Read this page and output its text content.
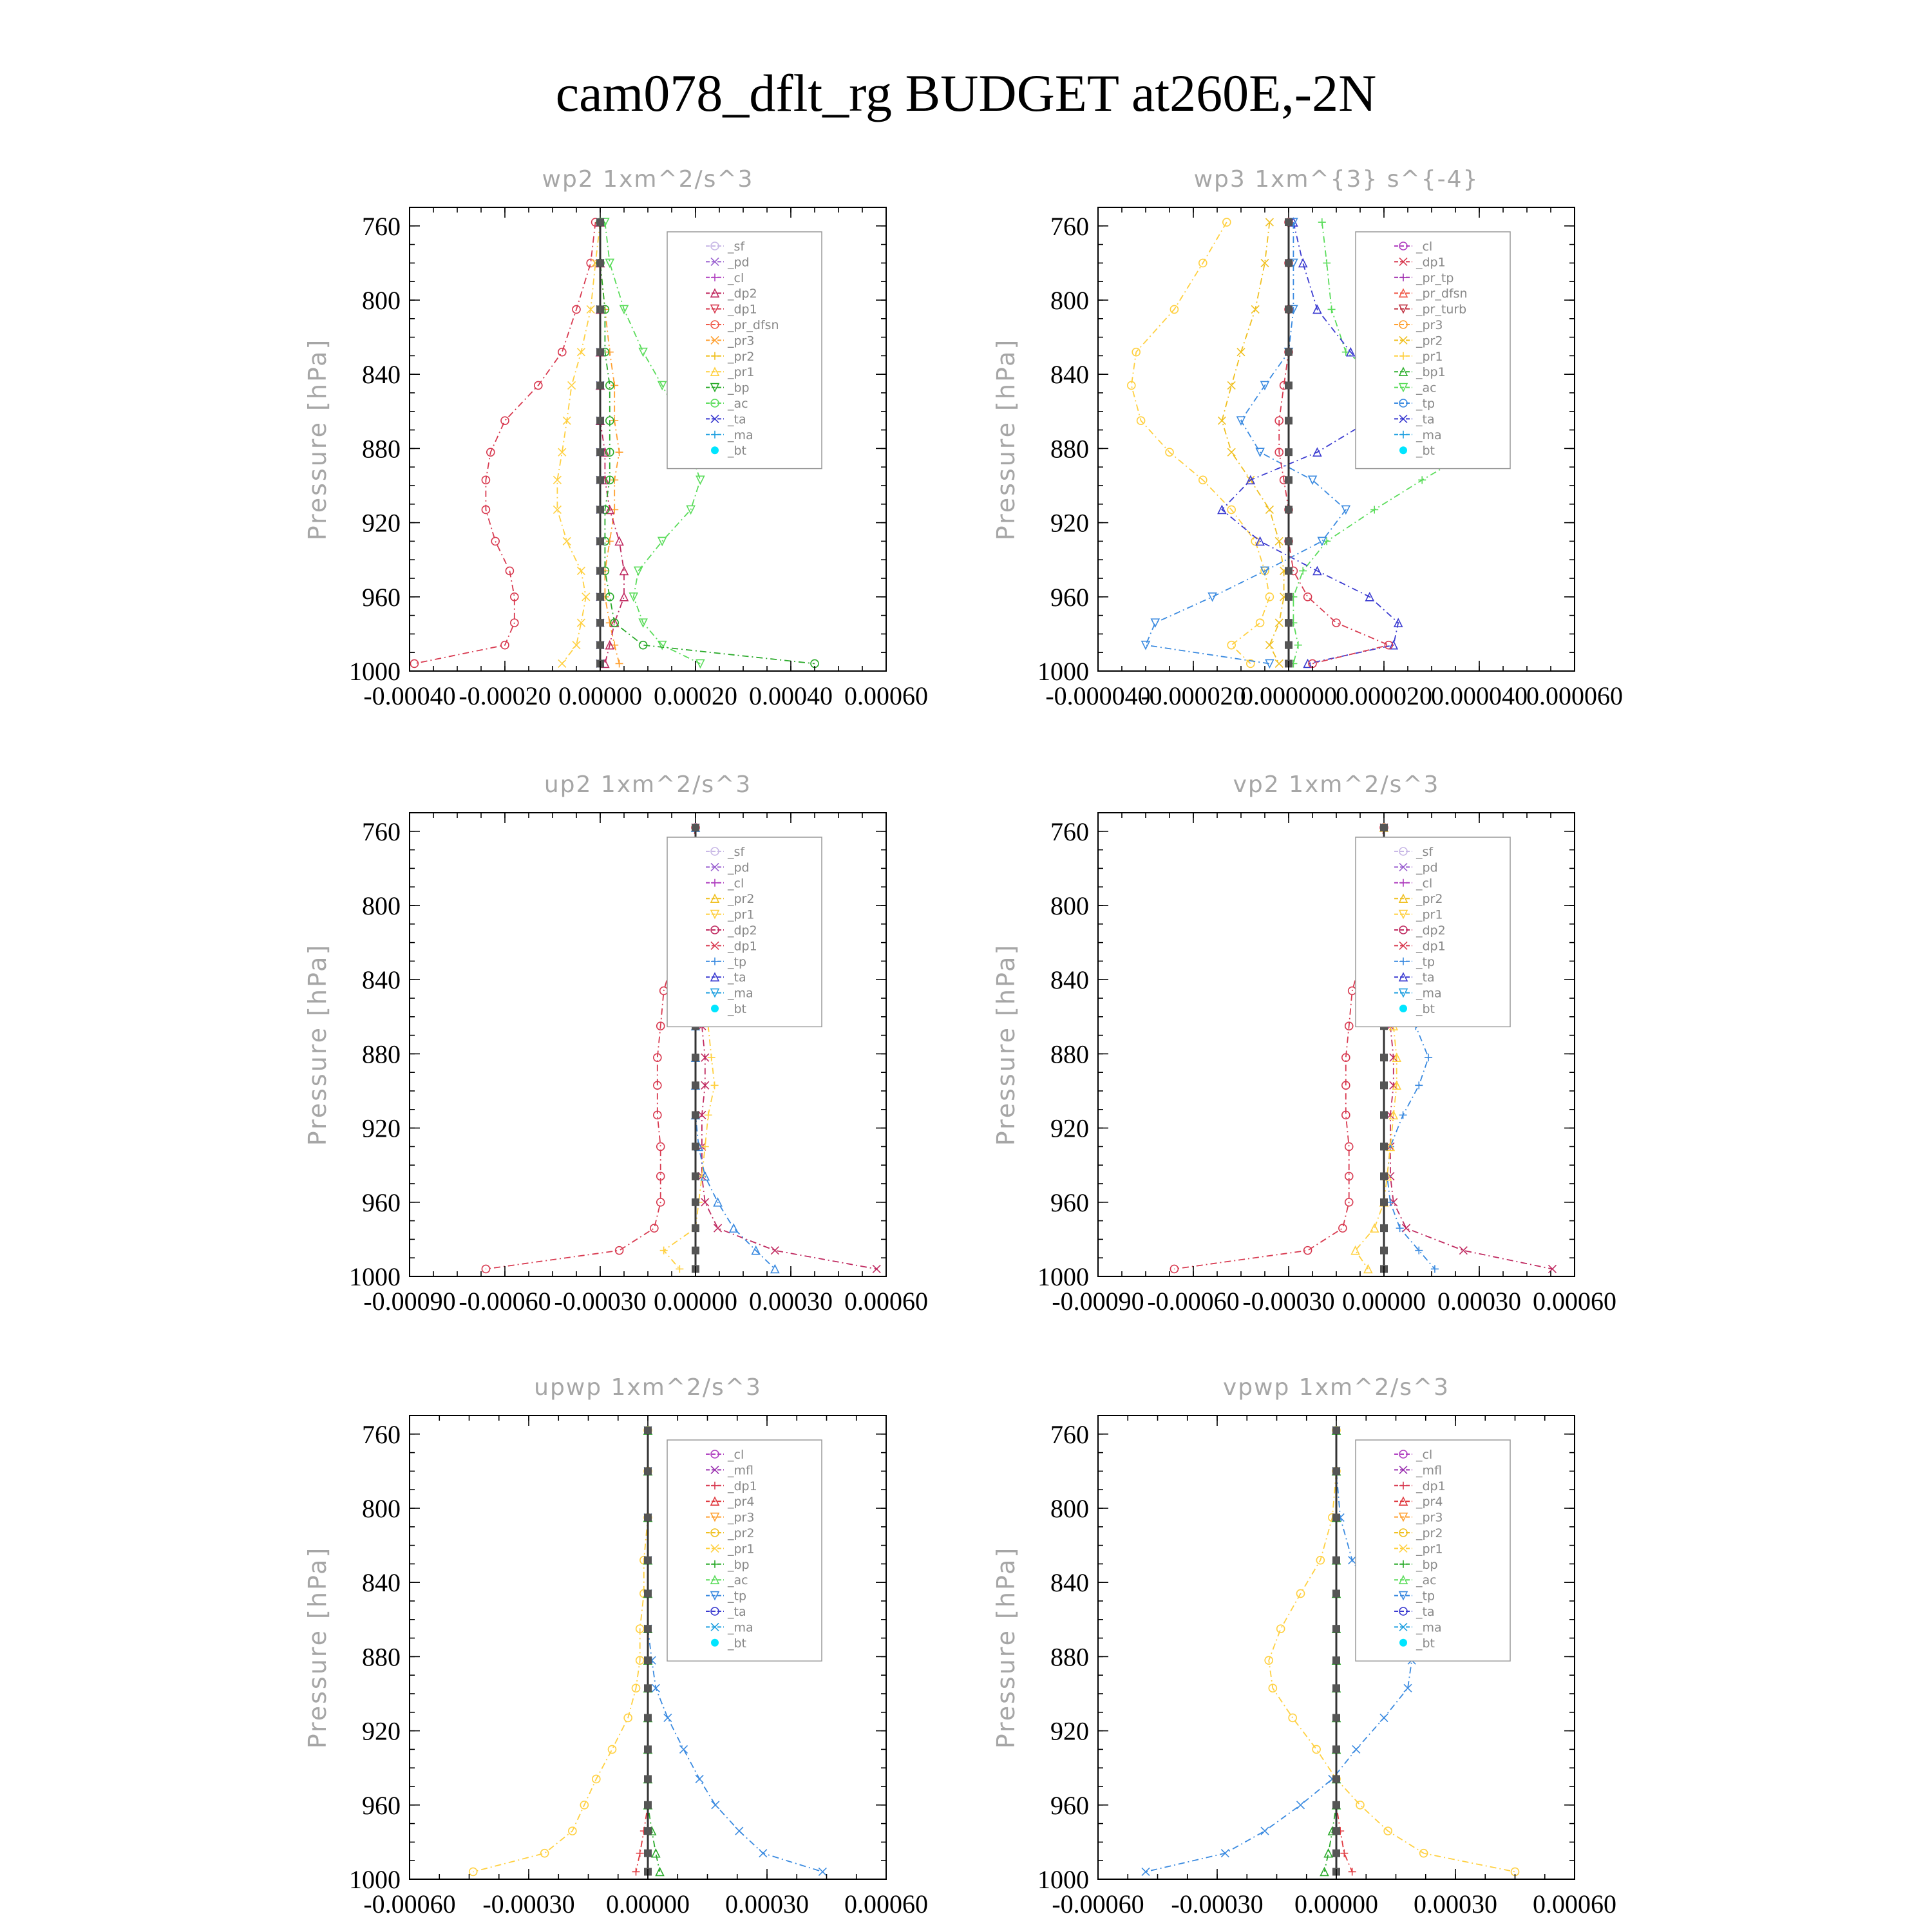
cam078_dflt_rg BUDGET at260E,-2N
wp2 1xm^2/s^3
Pressure [hPa]
760
800
840
880
920
960
1000
-0.00040 -0.00020 0.00000 0.00020 0.00040 0.00060
_sf
_pd
_cl
_dp2
_dp1
_pr_dfsn
_pr3
_pr2
_pr1
_bp
_ac
_ta
_ma
_bt
wp3 1xm^{3} s^{-4}
Pressure [hPa]
760
800
840
880
920
960
1000
-0.000040
-0.000020
0.000000
0.000020
0.000040
0.000060
_cl
_dp1
_pr_tp
_pr_dfsn
_pr_turb
_pr3
_pr2
_pr1
_bp1
_ac
_tp
_ta
_ma
_bt
up2 1xm^2/s^3
Pressure [hPa]
760
800
840
880
920
960
1000
-0.00090 -0.00060 -0.00030 0.00000 0.00030 0.00060
_sf
_pd
_cl
_pr2
_pr1
_dp2
_dp1
_tp
_ta
_ma
_bt
vp2 1xm^2/s^3
Pressure [hPa]
760
800
840
880
920
960
1000
-0.00090 -0.00060 -0.00030 0.00000 0.00030 0.00060
_sf
_pd
_cl
_pr2
_pr1
_dp2
_dp1
_tp
_ta
_ma
_bt
upwp 1xm^2/s^3
Pressure [hPa]
760
800
840
880
920
960
1000
-0.00060 -0.00030 0.00000 0.00030 0.00060
_cl
_mfl
_dp1
_pr4
_pr3
_pr2
_pr1
_bp
_ac
_tp
_ta
_ma
_bt
vpwp 1xm^2/s^3
Pressure [hPa]
760
800
840
880
920
960
1000
-0.00060 -0.00030 0.00000 0.00030 0.00060
_cl
_mfl
_dp1
_pr4
_pr3
_pr2
_pr1
_bp
_ac
_tp
_ta
_ma
_bt
